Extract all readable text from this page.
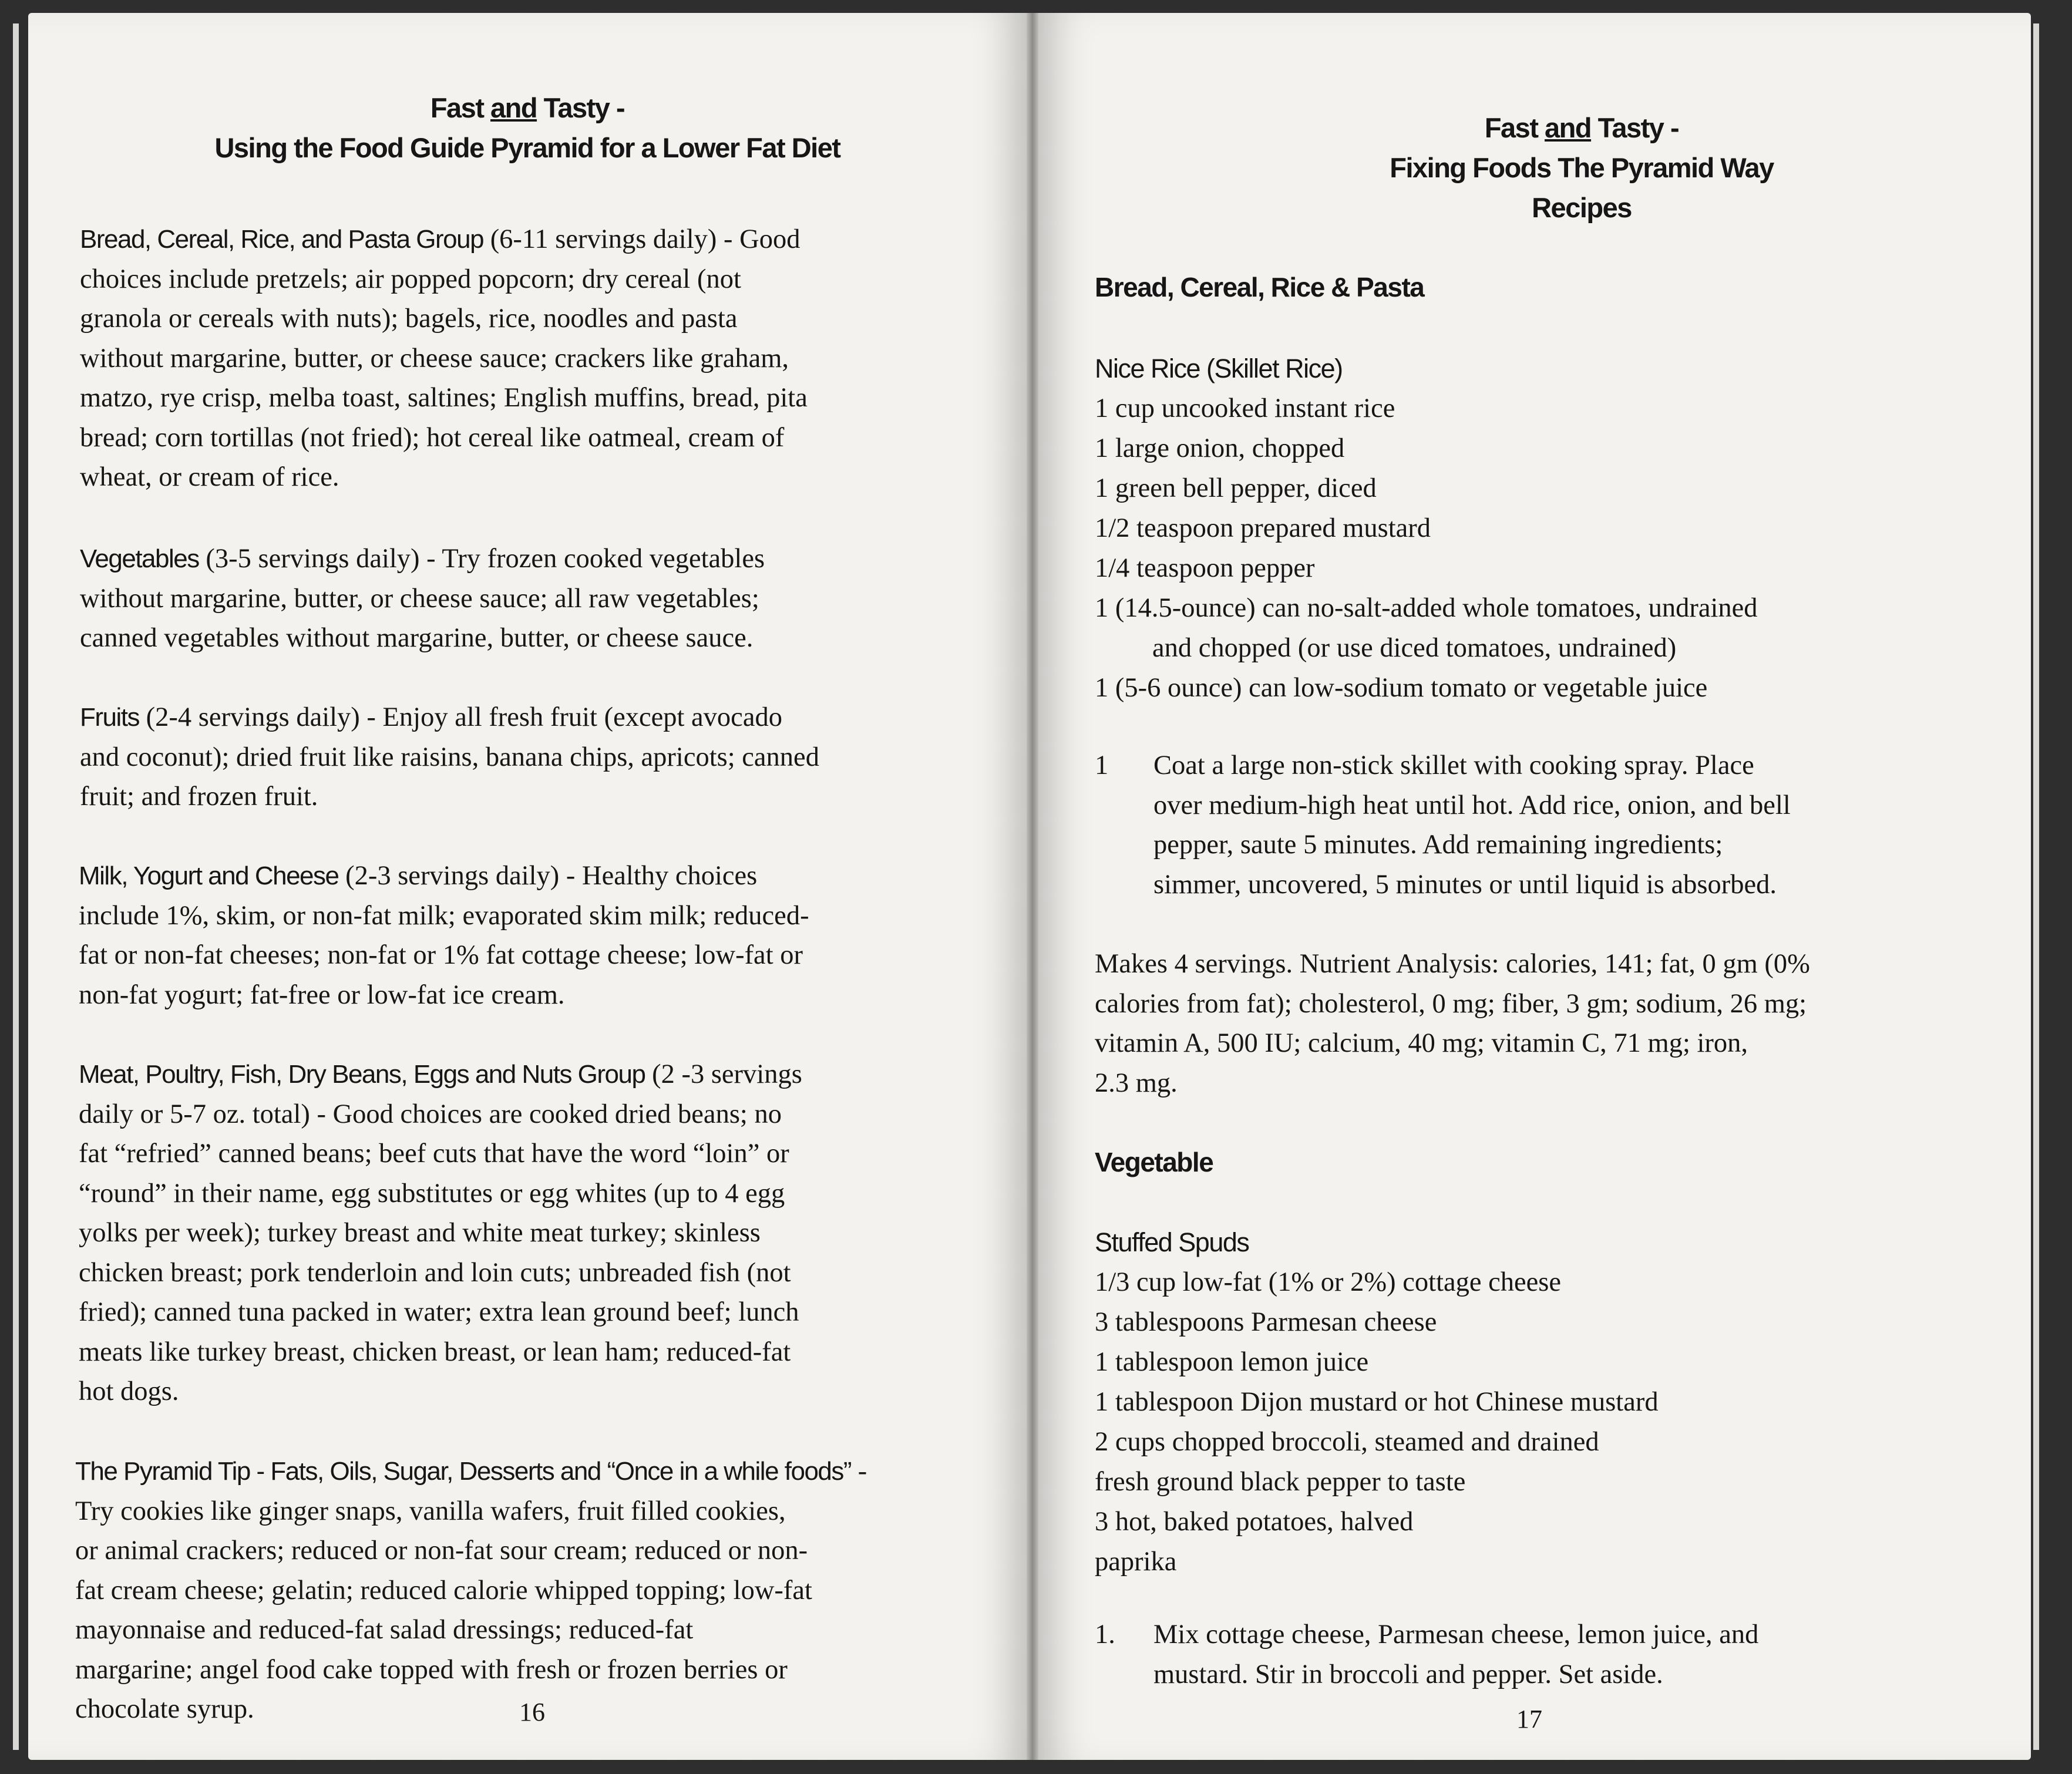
Fast and Tasty -
Using the Food Guide Pyramid for a Lower Fat Diet
Bread, Cereal, Rice, and Pasta Group (6-11 servings daily) - Good
choices include pretzels; air popped popcorn; dry cereal (not
granola or cereals with nuts); bagels, rice, noodles and pasta
without margarine, butter, or cheese sauce; crackers like graham,
matzo, rye crisp, melba toast, saltines; English muffins, bread, pita
bread; corn tortillas (not fried); hot cereal like oatmeal, cream of
wheat, or cream of rice.
Vegetables (3-5 servings daily) - Try frozen cooked vegetables
without margarine, butter, or cheese sauce; all raw vegetables;
canned vegetables without margarine, butter, or cheese sauce.
Fruits (2-4 servings daily) - Enjoy all fresh fruit (except avocado
and coconut); dried fruit like raisins, banana chips, apricots; canned
fruit; and frozen fruit.
Milk, Yogurt and Cheese (2-3 servings daily) - Healthy choices
include 1%, skim, or non-fat milk; evaporated skim milk; reduced-
fat or non-fat cheeses; non-fat or 1% fat cottage cheese; low-fat or
non-fat yogurt; fat-free or low-fat ice cream.
Meat, Poultry, Fish, Dry Beans, Eggs and Nuts Group (2 -3 servings
daily or 5-7 oz. total) - Good choices are cooked dried beans; no
fat “refried” canned beans; beef cuts that have the word “loin” or
“round” in their name, egg substitutes or egg whites (up to 4 egg
yolks per week); turkey breast and white meat turkey; skinless
chicken breast; pork tenderloin and loin cuts; unbreaded fish (not
fried); canned tuna packed in water; extra lean ground beef; lunch
meats like turkey breast, chicken breast, or lean ham; reduced-fat
hot dogs.
The Pyramid Tip - Fats, Oils, Sugar, Desserts and “Once in a while foods” -
Try cookies like ginger snaps, vanilla wafers, fruit filled cookies,
or animal crackers; reduced or non-fat sour cream; reduced or non-
fat cream cheese; gelatin; reduced calorie whipped topping; low-fat
mayonnaise and reduced-fat salad dressings; reduced-fat
margarine; angel food cake topped with fresh or frozen berries or
chocolate syrup.	16
Fast and Tasty -
Fixing Foods The Pyramid Way
Recipes
Bread, Cereal, Rice & Pasta
Nice Rice (Skillet Rice)
1 cup uncooked instant rice
1 large onion, chopped
1 green bell pepper, diced
1/2 teaspoon prepared mustard
1/4 teaspoon pepper
1 (14.5-ounce) can no-salt-added whole tomatoes, undrained
and chopped (or use diced tomatoes, undrained)
1 (5-6 ounce) can low-sodium tomato or vegetable juice
1 Coat a large non-stick skillet with cooking spray. Place
over medium-high heat until hot. Add rice, onion, and bell
pepper, saute 5 minutes. Add remaining ingredients;
simmer, uncovered, 5 minutes or until liquid is absorbed.
Makes 4 servings. Nutrient Analysis: calories, 141; fat, 0 gm (0%
calories from fat); cholesterol, 0 mg; fiber, 3 gm; sodium, 26 mg;
vitamin A, 500 IU; calcium, 40 mg; vitamin C, 71 mg; iron,
2.3 mg.
Vegetable
Stuffed Spuds
1/3 cup low-fat (1% or 2%) cottage cheese
3 tablespoons Parmesan cheese
1 tablespoon lemon juice
1 tablespoon Dijon mustard or hot Chinese mustard
2 cups chopped broccoli, steamed and drained
fresh ground black pepper to taste
3 hot, baked potatoes, halved
paprika
1. Mix cottage cheese, Parmesan cheese, lemon juice, and
mustard. Stir in broccoli and pepper. Set aside.
17
